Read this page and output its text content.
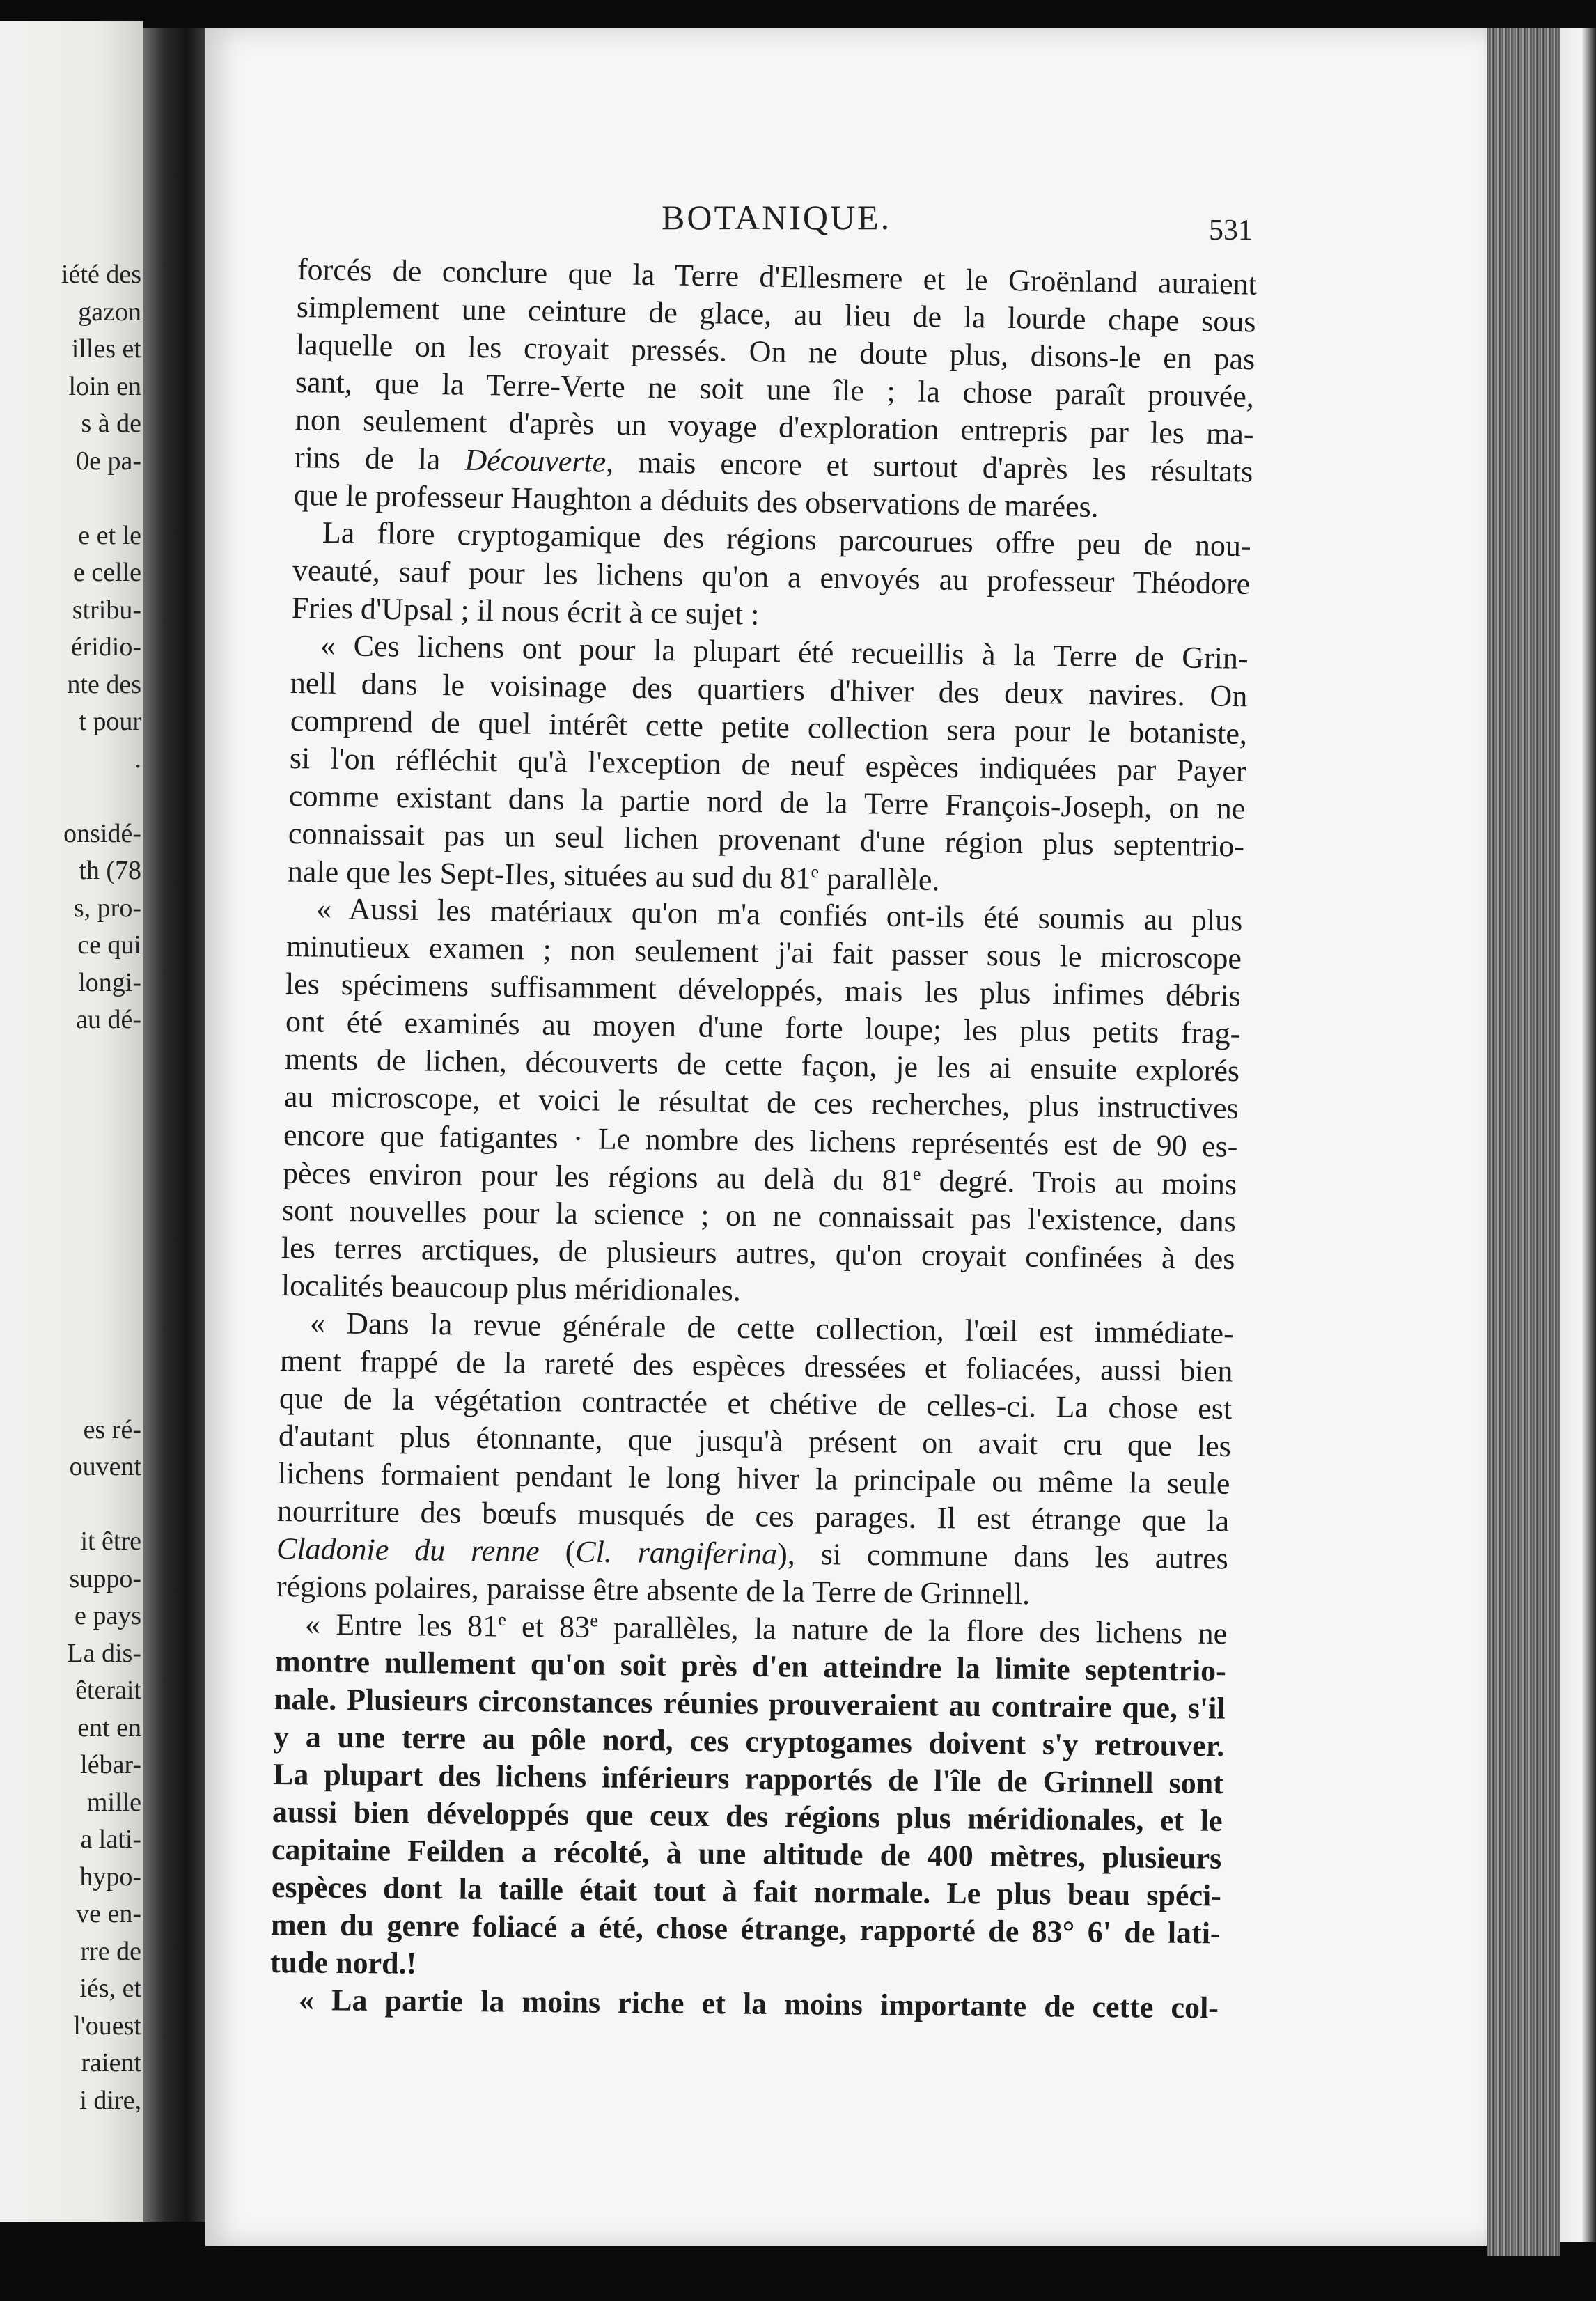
iété des
gazon
illes et
loin en
s à de
0e pa-
e et le
e celle
stribu-
éridio-
nte des
t pour
.
onsidé-
th (78
s, pro-
ce qui
longi-
au dé-
es ré-
ouvent
it être
suppo-
e pays
La dis-
êterait
ent en
lébar-
mille
a lati-
hypo-
ve en-
rre de
iés, et
l'ouest
raient
i dire,
BOTANIQUE.	531
forcés de conclure que la Terre d'Ellesmere et le Groënland auraient
simplement une ceinture de glace, au lieu de la lourde chape sous
laquelle on les croyait pressés. On ne doute plus, disons-le en pas
sant, que la Terre-Verte ne soit une île ; la chose paraît prouvée,
non seulement d'après un voyage d'exploration entrepris par les ma-
rins de la Découverte, mais encore et surtout d'après les résultats
que le professeur Haughton a déduits des observations de marées.
La flore cryptogamique des régions parcourues offre peu de nou-
veauté, sauf pour les lichens qu'on a envoyés au professeur Théodore
Fries d'Upsal ; il nous écrit à ce sujet :
« Ces lichens ont pour la plupart été recueillis à la Terre de Grin-
nell dans le voisinage des quartiers d'hiver des deux navires. On
comprend de quel intérêt cette petite collection sera pour le botaniste,
si l'on réfléchit qu'à l'exception de neuf espèces indiquées par Payer
comme existant dans la partie nord de la Terre François-Joseph, on ne
connaissait pas un seul lichen provenant d'une région plus septentrio-
nale que les Sept-Iles, situées au sud du 81e parallèle.
« Aussi les matériaux qu'on m'a confiés ont-ils été soumis au plus
minutieux examen ; non seulement j'ai fait passer sous le microscope
les spécimens suffisamment développés, mais les plus infimes débris
ont été examinés au moyen d'une forte loupe; les plus petits frag-
ments de lichen, découverts de cette façon, je les ai ensuite explorés
au microscope, et voici le résultat de ces recherches, plus instructives
encore que fatigantes · Le nombre des lichens représentés est de 90 es-
pèces environ pour les régions au delà du 81e degré. Trois au moins
sont nouvelles pour la science ; on ne connaissait pas l'existence, dans
les terres arctiques, de plusieurs autres, qu'on croyait confinées à des
localités beaucoup plus méridionales.
« Dans la revue générale de cette collection, l'œil est immédiate-
ment frappé de la rareté des espèces dressées et foliacées, aussi bien
que de la végétation contractée et chétive de celles-ci. La chose est
d'autant plus étonnante, que jusqu'à présent on avait cru que les
lichens formaient pendant le long hiver la principale ou même la seule
nourriture des bœufs musqués de ces parages. Il est étrange que la
Cladonie du renne (Cl. rangiferina), si commune dans les autres
régions polaires, paraisse être absente de la Terre de Grinnell.
« Entre les 81e et 83e parallèles, la nature de la flore des lichens ne
montre nullement qu'on soit près d'en atteindre la limite septentrio-
nale. Plusieurs circonstances réunies prouveraient au contraire que, s'il
y a une terre au pôle nord, ces cryptogames doivent s'y retrouver.
La plupart des lichens inférieurs rapportés de l'île de Grinnell sont
aussi bien développés que ceux des régions plus méridionales, et le
capitaine Feilden a récolté, à une altitude de 400 mètres, plusieurs
espèces dont la taille était tout à fait normale. Le plus beau spéci-
men du genre foliacé a été, chose étrange, rapporté de 83° 6' de lati-
tude nord.!
« La partie la moins riche et la moins importante de cette col-
